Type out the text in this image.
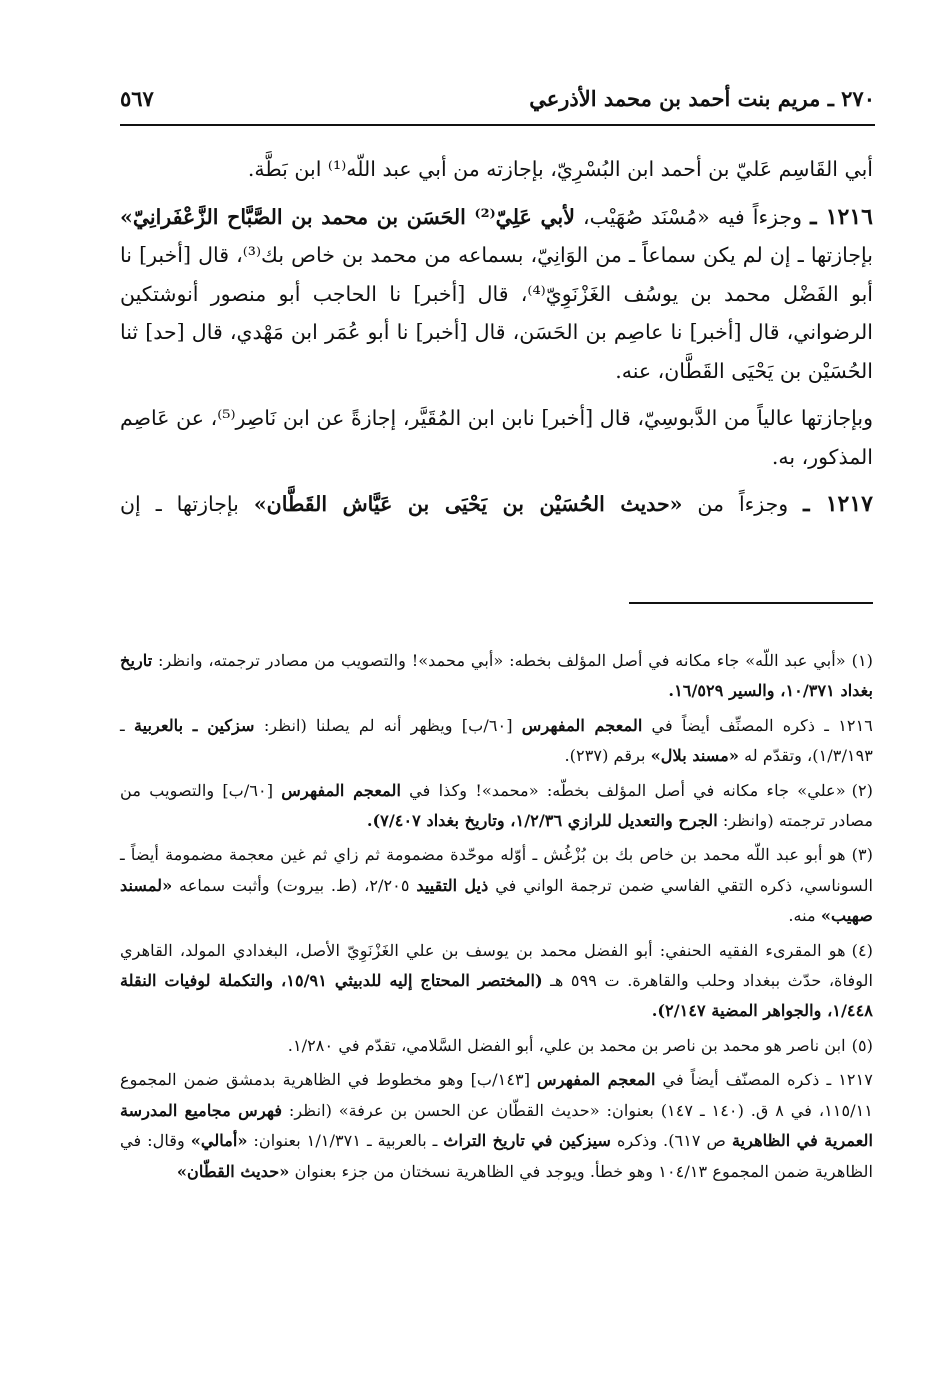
٢٧٠ ـ مريم بنت أحمد بن محمد الأذرعي
٥٦٧

أبي القَاسِم عَليّ بن أحمد ابن البُسْرِيّ، بإجازته من أبي عبد اللّه⁽¹⁾ ابن بَطَّة.

١٢١٦ ـ وجزءاً فيه «مُسْنَد صُهَيْب، لأبي عَلِيّ⁽²⁾ الحَسَن بن محمد بن الصَّبَّاح الزَّعْفَرانِيّ» بإجازتها ـ إن لم يكن سماعاً ـ من الوَانِيّ، بسماعه من محمد بن خاص بك⁽³⁾، قال [أخبر] نا أبو الفَضْل محمد بن يوسُف الغَزْنَوِيّ⁽⁴⁾، قال [أخبر] نا الحاجب أبو منصور أنوشتكين الرضواني، قال [أخبر] نا عاصِم بن الحَسَن، قال [أخبر] نا أبو عُمَر ابن مَهْدي، قال [حد] ثنا الحُسَيْن بن يَحْيَى القَطَّان، عنه.

وبإجازتها عالياً من الدَّبوسِيّ، قال [أخبر] نابن ابن المُقَيَّر، إجازةً عن ابن نَاصِر⁽⁵⁾، عن عَاصِم المذكور، به.

١٢١٧ ـ وجزءاً من «حديث الحُسَيْن بن يَحْيَى بن عَيَّاش القَطَّان» بإجازتها ـ إن

(١)«أبي عبد اللّه» جاء مكانه في أصل المؤلف بخطه: «أبي محمد»! والتصويب من مصادر ترجمته، وانظر: تاريخ بغداد ١٠/٣٧١، والسير ١٦/٥٢٩.

١٢١٦ ـ ذكره المصنِّف أيضاً في المعجم المفهرس [٦٠/ب] ويظهر أنه لم يصلنا (انظر: سزكين ـ بالعربية ـ ١/٣/١٩٣)، وتقدّم له «مسند بلال» برقم (٢٣٧).

(٢)«علي» جاء مكانه في أصل المؤلف بخطّه: «محمد»! وكذا في المعجم المفهرس [٦٠/ب] والتصويب من مصادر ترجمته (وانظر: الجرح والتعديل للرازي ١/٢/٣٦، وتاريخ بغداد ٧/٤٠٧).

(٣)هو أبو عبد اللّه محمد بن خاص بك بن بُزْغُش ـ أوّله موحّدة مضمومة ثم زاي ثم غين معجمة مضمومة أيضاً ـ السوناسي، ذكره التقي الفاسي ضمن ترجمة الواني في ذيل التقييد ٢/٢٠٥، (ط. بيروت) وأثبت سماعه «لمسند صهيب» منه.

(٤)هو المقرىء الفقيه الحنفي: أبو الفضل محمد بن يوسف بن علي الغَزْنَوِيّ الأصل، البغدادي المولد، القاهري الوفاة، حدّث ببغداد وحلب والقاهرة. ت ٥٩٩ هـ (المختصر المحتاج إليه للدبيثي ١٥/٩١، والتكملة لوفيات النقلة ١/٤٤٨، والجواهر المضية ٢/١٤٧).

(٥)ابن ناصر هو محمد بن ناصر بن محمد بن علي، أبو الفضل السَّلامي، تقدّم في ١/٢٨٠.

١٢١٧ ـ ذكره المصنّف أيضاً في المعجم المفهرس [١٤٣/ب] وهو مخطوط في الظاهرية بدمشق ضمن المجموع ١١٥/١١، في ٨ ق. (١٤٠ ـ ١٤٧) بعنوان: «حديث القطّان عن الحسن بن عرفة» (انظر: فهرس مجاميع المدرسة العمرية في الظاهرية ص ٦١٧). وذكره سيزكين في تاريخ التراث ـ بالعربية ـ ١/١/٣٧١ بعنوان: «أمالي» وقال: في الظاهرية ضمن المجموع ١٠٤/١٣ وهو خطأ. ويوجد في الظاهرية نسختان من جزء بعنوان «حديث القطّان»
